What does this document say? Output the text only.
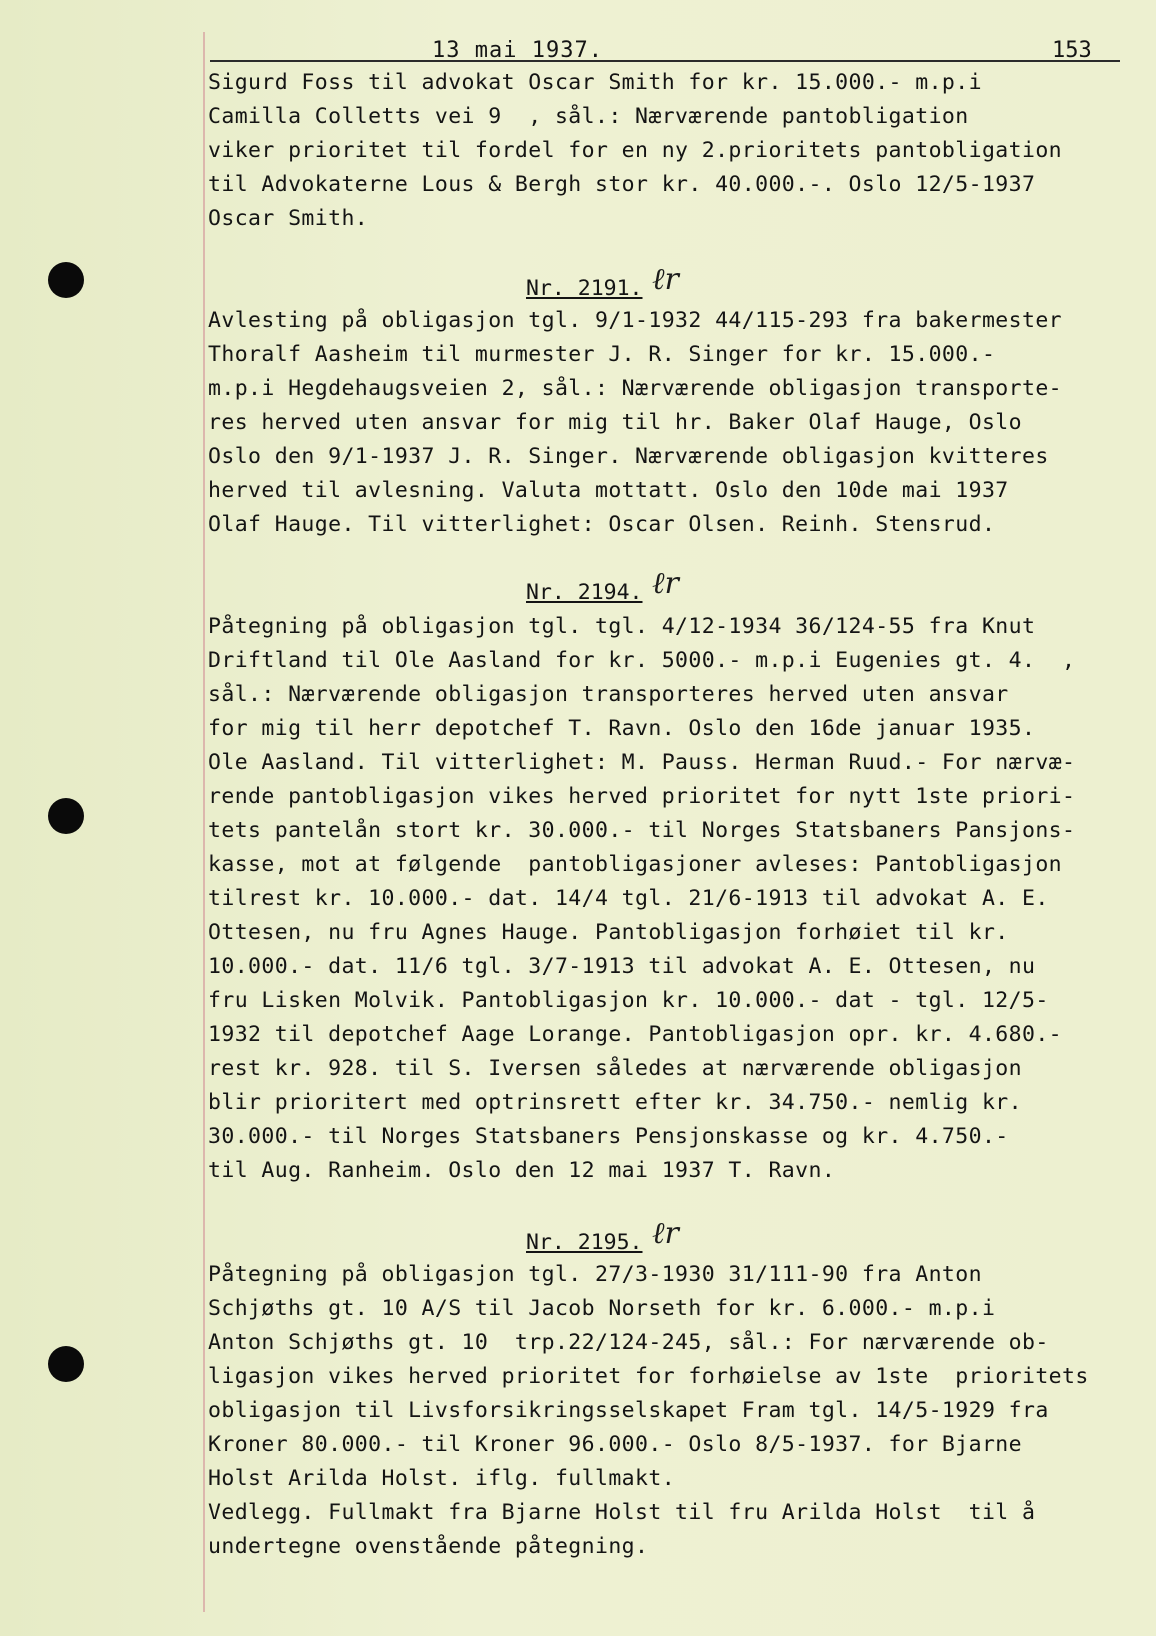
13 mai 1937.	153
Sigurd Foss til advokat Oscar Smith for kr. 15.000.- m.p.i
Camilla Colletts vei 9  , sål.: Nærværende pantobligation
viker prioritet til fordel for en ny 2.prioritets pantobligation
til Advokaterne Lous & Bergh stor kr. 40.000.-. Oslo 12/5-1937
Oscar Smith.
Nr. 2191. ℓr
Avlesting på obligasjon tgl. 9/1-1932 44/115-293 fra bakermester
Thoralf Aasheim til murmester J. R. Singer for kr. 15.000.-
m.p.i Hegdehaugsveien 2, sål.: Nærværende obligasjon transporte-
res herved uten ansvar for mig til hr. Baker Olaf Hauge, Oslo
Oslo den 9/1-1937 J. R. Singer. Nærværende obligasjon kvitteres
herved til avlesning. Valuta mottatt. Oslo den 10de mai 1937
Olaf Hauge. Til vitterlighet: Oscar Olsen. Reinh. Stensrud.
Nr. 2194. ℓr
Påtegning på obligasjon tgl. tgl. 4/12-1934 36/124-55 fra Knut
Driftland til Ole Aasland for kr. 5000.- m.p.i Eugenies gt. 4.  ,
sål.: Nærværende obligasjon transporteres herved uten ansvar
for mig til herr depotchef T. Ravn. Oslo den 16de januar 1935.
Ole Aasland. Til vitterlighet: M. Pauss. Herman Ruud.- For nærvæ-
rende pantobligasjon vikes herved prioritet for nytt 1ste priori-
tets pantelån stort kr. 30.000.- til Norges Statsbaners Pansjons-
kasse, mot at følgende  pantobligasjoner avleses: Pantobligasjon
tilrest kr. 10.000.- dat. 14/4 tgl. 21/6-1913 til advokat A. E.
Ottesen, nu fru Agnes Hauge. Pantobligasjon forhøiet til kr.
10.000.- dat. 11/6 tgl. 3/7-1913 til advokat A. E. Ottesen, nu
fru Lisken Molvik. Pantobligasjon kr. 10.000.- dat - tgl. 12/5-
1932 til depotchef Aage Lorange. Pantobligasjon opr. kr. 4.680.-
rest kr. 928. til S. Iversen således at nærværende obligasjon
blir prioritert med optrinsrett efter kr. 34.750.- nemlig kr.
30.000.- til Norges Statsbaners Pensjonskasse og kr. 4.750.-
til Aug. Ranheim. Oslo den 12 mai 1937 T. Ravn.
Nr. 2195. ℓr
Påtegning på obligasjon tgl. 27/3-1930 31/111-90 fra Anton
Schjøths gt. 10 A/S til Jacob Norseth for kr. 6.000.- m.p.i
Anton Schjøths gt. 10  trp.22/124-245, sål.: For nærværende ob-
ligasjon vikes herved prioritet for forhøielse av 1ste  prioritets
obligasjon til Livsforsikringsselskapet Fram tgl. 14/5-1929 fra
Kroner 80.000.- til Kroner 96.000.- Oslo 8/5-1937. for Bjarne
Holst Arilda Holst. iflg. fullmakt.
Vedlegg. Fullmakt fra Bjarne Holst til fru Arilda Holst  til å
undertegne ovenstående påtegning.
